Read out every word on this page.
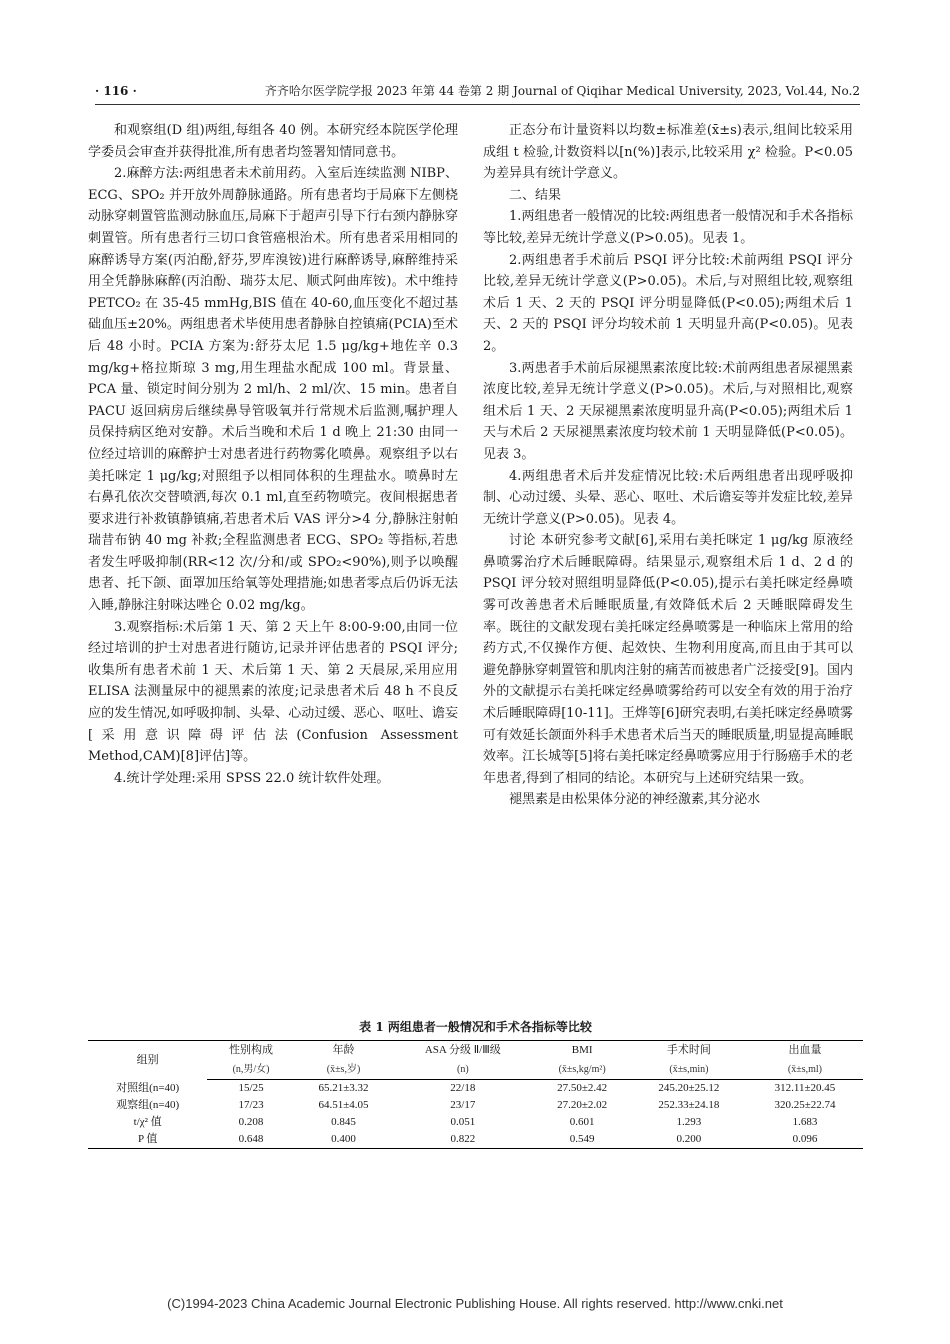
· 116 ·	齐齐哈尔医学院学报 2023 年第 44 卷第 2 期 Journal of Qiqihar Medical University, 2023, Vol.44, No.2

和观察组(D 组)两组,每组各 40 例。本研究经本院医学伦理学委员会审查并获得批准,所有患者均签署知情同意书。

2.麻醉方法:两组患者未术前用药。入室后连续监测 NIBP、ECG、SPO₂ 并开放外周静脉通路。所有患者均于局麻下左侧桡动脉穿刺置管监测动脉血压,局麻下于超声引导下行右颈内静脉穿刺置管。所有患者行三切口食管癌根治术。所有患者采用相同的麻醉诱导方案(丙泊酚,舒芬,罗库溴铵)进行麻醉诱导,麻醉维持采用全凭静脉麻醉(丙泊酚、瑞芬太尼、顺式阿曲库铵)。术中维持 PETCO₂ 在 35-45 mmHg,BIS 值在 40-60,血压变化不超过基础血压±20%。两组患者术毕使用患者静脉自控镇痛(PCIA)至术后 48 小时。PCIA 方案为:舒芬太尼 1.5 μg/kg+地佐辛 0.3 mg/kg+格拉斯琼 3 mg,用生理盐水配成 100 ml。背景量、PCA 量、锁定时间分别为 2 ml/h、2 ml/次、15 min。患者自 PACU 返回病房后继续鼻导管吸氧并行常规术后监测,嘱护理人员保持病区绝对安静。术后当晚和术后 1 d 晚上 21:30 由同一位经过培训的麻醉护士对患者进行药物雾化喷鼻。观察组予以右美托咪定 1 μg/kg;对照组予以相同体积的生理盐水。喷鼻时左右鼻孔依次交替喷洒,每次 0.1 ml,直至药物喷完。夜间根据患者要求进行补救镇静镇痛,若患者术后 VAS 评分>4 分,静脉注射帕瑞昔布钠 40 mg 补救;全程监测患者 ECG、SPO₂ 等指标,若患者发生呼吸抑制(RR<12 次/分和/或 SPO₂<90%),则予以唤醒患者、托下颌、面罩加压给氧等处理措施;如患者零点后仍诉无法入睡,静脉注射咪达唑仑 0.02 mg/kg。

3.观察指标:术后第 1 天、第 2 天上午 8:00-9:00,由同一位经过培训的护士对患者进行随访,记录并评估患者的 PSQI 评分;收集所有患者术前 1 天、术后第 1 天、第 2 天晨尿,采用应用 ELISA 法测量尿中的褪黑素的浓度;记录患者术后 48 h 不良反应的发生情况,如呼吸抑制、头晕、心动过缓、恶心、呕吐、谵妄[采用意识障碍评估法(Confusion Assessment Method,CAM)[8]评估]等。

4.统计学处理:采用 SPSS 22.0 统计软件处理。

正态分布计量资料以均数±标准差(x̄±s)表示,组间比较采用成组 t 检验,计数资料以[n(%)]表示,比较采用 χ² 检验。P<0.05 为差异具有统计学意义。

二、结果

1.两组患者一般情况的比较:两组患者一般情况和手术各指标等比较,差异无统计学意义(P>0.05)。见表 1。

2.两组患者手术前后 PSQI 评分比较:术前两组 PSQI 评分比较,差异无统计学意义(P>0.05)。术后,与对照组比较,观察组术后 1 天、2 天的 PSQI 评分明显降低(P<0.05);两组术后 1 天、2 天的 PSQI 评分均较术前 1 天明显升高(P<0.05)。见表 2。

3.两患者手术前后尿褪黑素浓度比较:术前两组患者尿褪黑素浓度比较,差异无统计学意义(P>0.05)。术后,与对照相比,观察组术后 1 天、2 天尿褪黑素浓度明显升高(P<0.05);两组术后 1 天与术后 2 天尿褪黑素浓度均较术前 1 天明显降低(P<0.05)。见表 3。

4.两组患者术后并发症情况比较:术后两组患者出现呼吸抑制、心动过缓、头晕、恶心、呕吐、术后谵妄等并发症比较,差异无统计学意义(P>0.05)。见表 4。

讨论 本研究参考文献[6],采用右美托咪定 1 μg/kg 原液经鼻喷雾治疗术后睡眠障碍。结果显示,观察组术后 1 d、2 d 的 PSQI 评分较对照组明显降低(P<0.05),提示右美托咪定经鼻喷雾可改善患者术后睡眠质量,有效降低术后 2 天睡眠障碍发生率。既往的文献发现右美托咪定经鼻喷雾是一种临床上常用的给药方式,不仅操作方便、起效快、生物利用度高,而且由于其可以避免静脉穿刺置管和肌肉注射的痛苦而被患者广泛接受[9]。国内外的文献提示右美托咪定经鼻喷雾给药可以安全有效的用于治疗术后睡眠障碍[10-11]。王烨等[6]研究表明,右美托咪定经鼻喷雾可有效延长颌面外科手术患者术后当天的睡眠质量,明显提高睡眠效率。江长城等[5]将右美托咪定经鼻喷雾应用于行肠癌手术的老年患者,得到了相同的结论。本研究与上述研究结果一致。

褪黑素是由松果体分泌的神经激素,其分泌水

表 1 两组患者一般情况和手术各指标等比较
组别	性别构成	年龄	ASA 分级 Ⅱ/Ⅲ级	BMI	手术时间	出血量
	(n,男/女)	(x̄±s,岁)	(n)	(x̄±s,kg/m²)	(x̄±s,min)	(x̄±s,ml)
对照组(n=40)	15/25	65.21±3.32	22/18	27.50±2.42	245.20±25.12	312.11±20.45
观察组(n=40)	17/23	64.51±4.05	23/17	27.20±2.02	252.33±24.18	320.25±22.74
t/χ² 值	0.208	0.845	0.051	0.601	1.293	1.683
P 值	0.648	0.400	0.822	0.549	0.200	0.096
(C)1994-2023 China Academic Journal Electronic Publishing House. All rights reserved. http://www.cnki.net
